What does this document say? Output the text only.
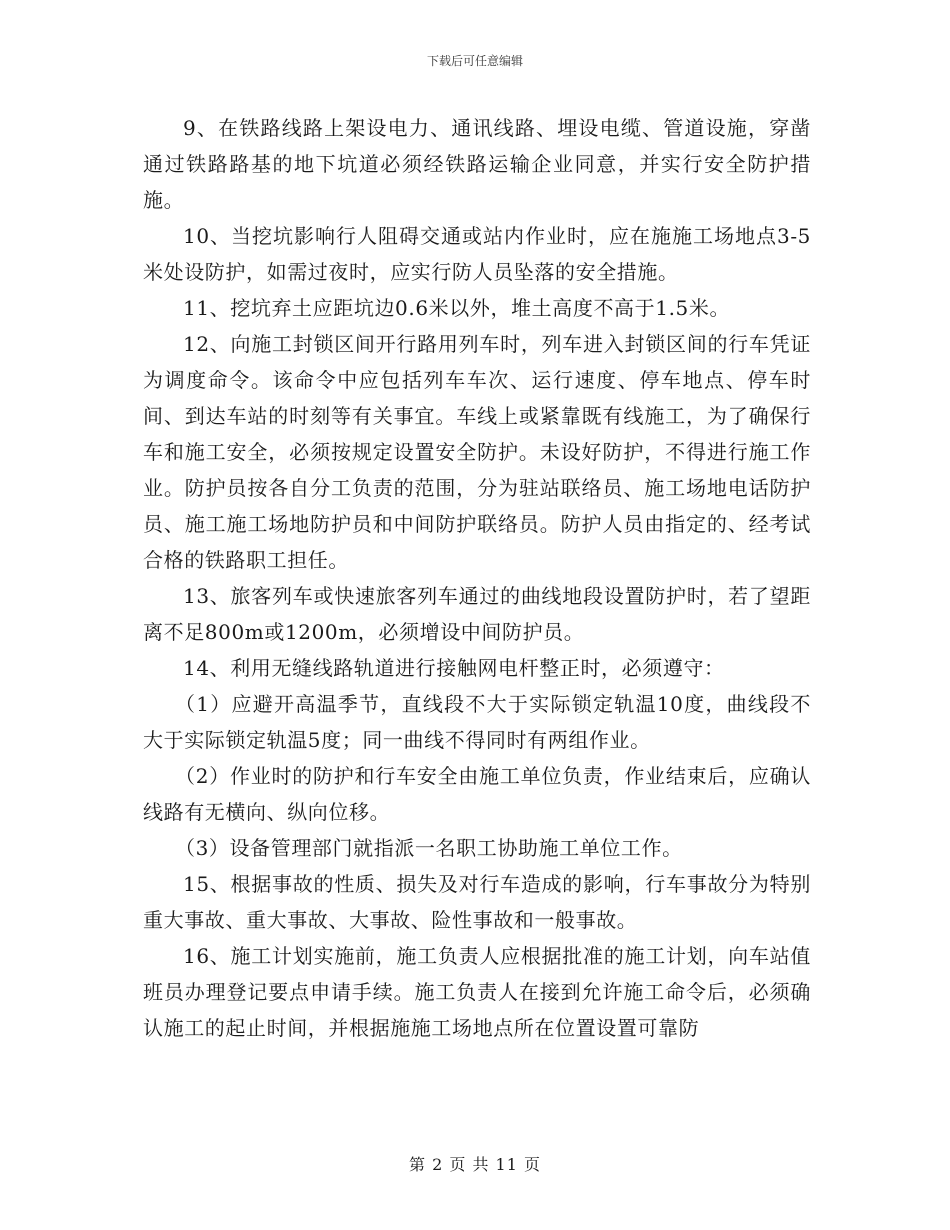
下载后可任意编辑

9、在铁路线路上架设电力、通讯线路、埋设电缆、管道设施，穿凿通过铁路路基的地下坑道必须经铁路运输企业同意，并实行安全防护措施。

10、当挖坑影响行人阻碍交通或站内作业时，应在施施工场地点3-5米处设防护，如需过夜时，应实行防人员坠落的安全措施。

11、挖坑弃土应距坑边0.6米以外，堆土高度不高于1.5米。

12、向施工封锁区间开行路用列车时，列车进入封锁区间的行车凭证为调度命令。该命令中应包括列车车次、运行速度、停车地点、停车时间、到达车站的时刻等有关事宜。车线上或紧靠既有线施工，为了确保行车和施工安全，必须按规定设置安全防护。未设好防护，不得进行施工作业。防护员按各自分工负责的范围，分为驻站联络员、施工场地电话防护员、施工施工场地防护员和中间防护联络员。防护人员由指定的、经考试合格的铁路职工担任。

13、旅客列车或快速旅客列车通过的曲线地段设置防护时，若了望距离不足800m或1200m，必须增设中间防护员。

14、利用无缝线路轨道进行接触网电杆整正时，必须遵守：

（1）应避开高温季节，直线段不大于实际锁定轨温10度，曲线段不大于实际锁定轨温5度；同一曲线不得同时有两组作业。

（2）作业时的防护和行车安全由施工单位负责，作业结束后，应确认线路有无横向、纵向位移。

（3）设备管理部门就指派一名职工协助施工单位工作。

15、根据事故的性质、损失及对行车造成的影响，行车事故分为特别重大事故、重大事故、大事故、险性事故和一般事故。

16、施工计划实施前，施工负责人应根据批准的施工计划，向车站值班员办理登记要点申请手续。施工负责人在接到允许施工命令后，必须确认施工的起止时间，并根据施施工场地点所在位置设置可靠防

第 2 页 共 11 页
